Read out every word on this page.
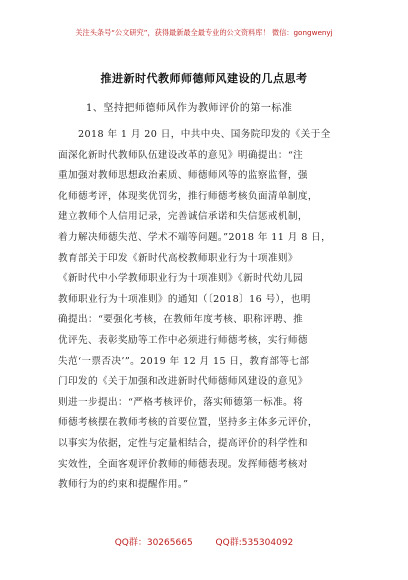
关注头条号“公文研究”，获得最新最全最专业的公文资料库！ 微信：gongwenyj
推进新时代教师师德师风建设的几点思考
1、坚持把师德师风作为教师评价的第一标准
2018 年 1 月 20 日，中共中央、国务院印发的《关于全
面深化新时代教师队伍建设改革的意见》明确提出：“注
重加强对教师思想政治素质、师德师风等的监察监督，强
化师德考评，体现奖优罚劣，推行师德考核负面清单制度，
建立教师个人信用记录，完善诚信承诺和失信惩戒机制，
着力解决师德失范、学术不端等问题。”2018 年 11 月 8 日，
教育部关于印发《新时代高校教师职业行为十项准则》
《新时代中小学教师职业行为十项准则》《新时代幼儿园
教师职业行为十项准则》的通知（〔2018〕16 号），也明
确提出：“要强化考核，在教师年度考核、职称评聘、推
优评先、表彰奖励等工作中必须进行师德考核，实行师德
失范‘一票否决’”。2019 年 12 月 15 日，教育部等七部
门印发的《关于加强和改进新时代师德师风建设的意见》
则进一步提出：“严格考核评价，落实师德第一标准。将
师德考核摆在教师考核的首要位置，坚持多主体多元评价，
以事实为依据，定性与定量相结合，提高评价的科学性和
实效性，全面客观评价教师的师德表现。发挥师德考核对
教师行为的约束和提醒作用。”
QQ群：30265665	QQ群:535304092
